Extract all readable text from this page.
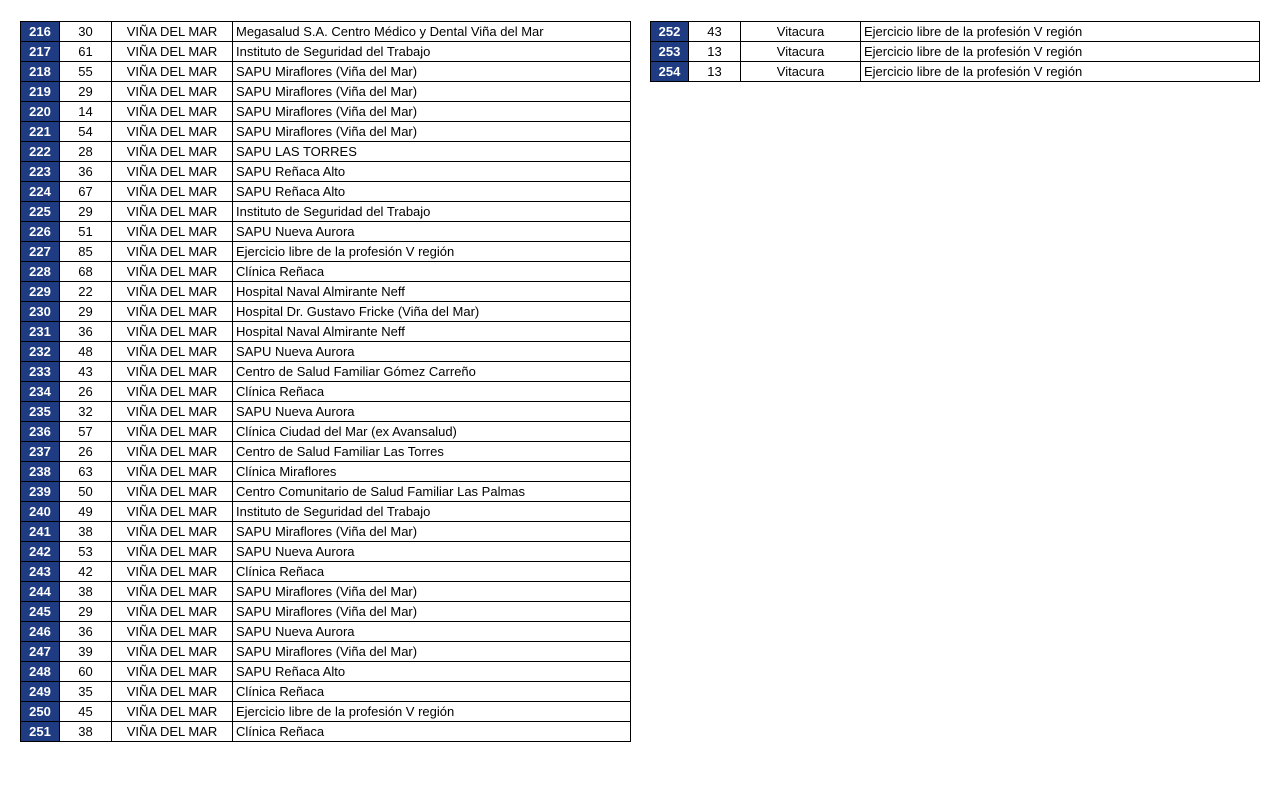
216	30	VIÑA DEL MAR	Megasalud S.A. Centro Médico y Dental Viña del Mar
217	61	VIÑA DEL MAR	Instituto de Seguridad del Trabajo
218	55	VIÑA DEL MAR	SAPU Miraflores (Viña del Mar)
219	29	VIÑA DEL MAR	SAPU Miraflores (Viña del Mar)
220	14	VIÑA DEL MAR	SAPU Miraflores (Viña del Mar)
221	54	VIÑA DEL MAR	SAPU Miraflores (Viña del Mar)
222	28	VIÑA DEL MAR	SAPU LAS TORRES
223	36	VIÑA DEL MAR	SAPU Reñaca Alto
224	67	VIÑA DEL MAR	SAPU Reñaca Alto
225	29	VIÑA DEL MAR	Instituto de Seguridad del Trabajo
226	51	VIÑA DEL MAR	SAPU Nueva Aurora
227	85	VIÑA DEL MAR	Ejercicio libre de la profesión V región
228	68	VIÑA DEL MAR	Clínica Reñaca
229	22	VIÑA DEL MAR	Hospital Naval Almirante Neff
230	29	VIÑA DEL MAR	Hospital Dr. Gustavo Fricke (Viña del Mar)
231	36	VIÑA DEL MAR	Hospital Naval Almirante Neff
232	48	VIÑA DEL MAR	SAPU Nueva Aurora
233	43	VIÑA DEL MAR	Centro de Salud Familiar Gómez Carreño
234	26	VIÑA DEL MAR	Clínica Reñaca
235	32	VIÑA DEL MAR	SAPU Nueva Aurora
236	57	VIÑA DEL MAR	Clínica Ciudad del Mar (ex Avansalud)
237	26	VIÑA DEL MAR	Centro de Salud Familiar Las Torres
238	63	VIÑA DEL MAR	Clínica Miraflores
239	50	VIÑA DEL MAR	Centro Comunitario de Salud Familiar Las Palmas
240	49	VIÑA DEL MAR	Instituto de Seguridad del Trabajo
241	38	VIÑA DEL MAR	SAPU Miraflores (Viña del Mar)
242	53	VIÑA DEL MAR	SAPU Nueva Aurora
243	42	VIÑA DEL MAR	Clínica Reñaca
244	38	VIÑA DEL MAR	SAPU Miraflores (Viña del Mar)
245	29	VIÑA DEL MAR	SAPU Miraflores (Viña del Mar)
246	36	VIÑA DEL MAR	SAPU Nueva Aurora
247	39	VIÑA DEL MAR	SAPU Miraflores (Viña del Mar)
248	60	VIÑA DEL MAR	SAPU Reñaca Alto
249	35	VIÑA DEL MAR	Clínica Reñaca
250	45	VIÑA DEL MAR	Ejercicio libre de la profesión V región
251	38	VIÑA DEL MAR	Clínica Reñaca
252	43	Vitacura	Ejercicio libre de la profesión V región
253	13	Vitacura	Ejercicio libre de la profesión V región
254	13	Vitacura	Ejercicio libre de la profesión V región
